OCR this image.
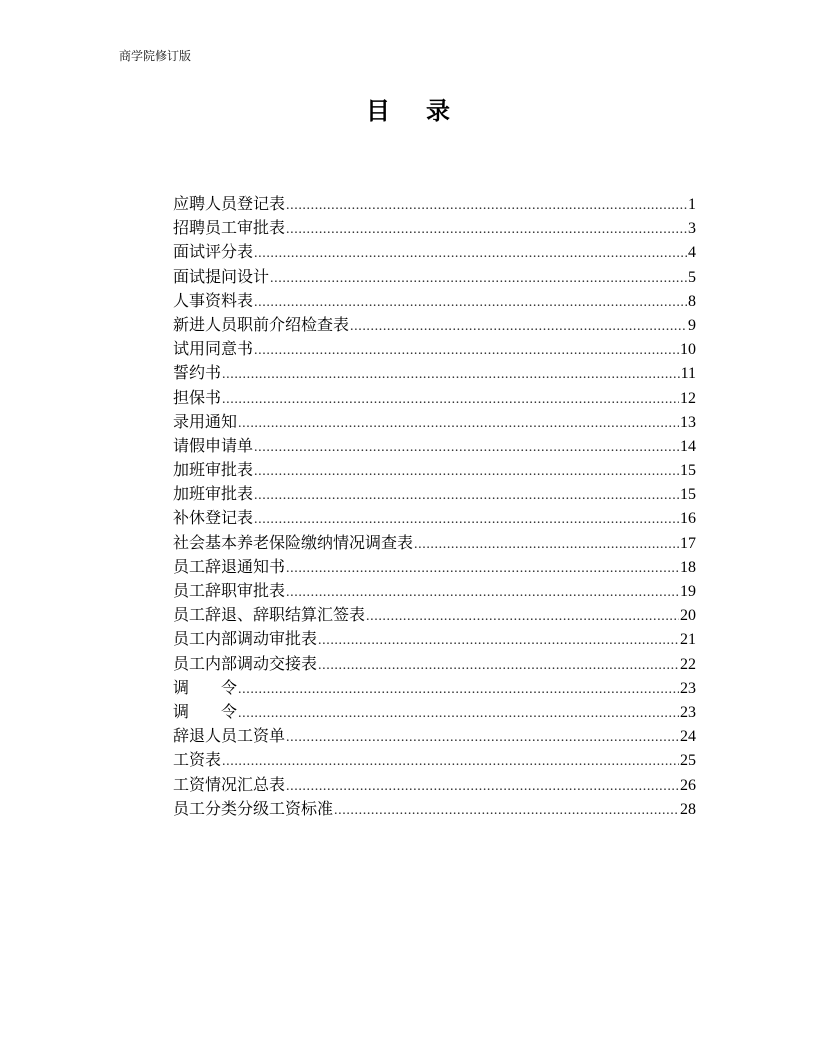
商学院修订版
目 录
应聘人员登记表 .....	1
招聘员工审批表 .....	3
面试评分表 .....	4
面试提问设计 .....	5
人事资料表 .....	8
新进人员职前介绍检查表 .....	9
试用同意书 .....	10
誓约书 .....	11
担保书 .....	12
录用通知 .....	13
请假申请单 .....	14
加班审批表 .....	15
加班审批表 .....	15
补休登记表 .....	16
社会基本养老保险缴纳情况调查表 .....	17
员工辞退通知书 .....	18
员工辞职审批表 .....	19
员工辞退、辞职结算汇签表 .....	20
员工内部调动审批表 .....	21
员工内部调动交接表 .....	22
调　　令 .....	23
调　　令 .....	23
辞退人员工资单 .....	24
工资表 .....	25
工资情况汇总表 .....	26
员工分类分级工资标准 .....	28
